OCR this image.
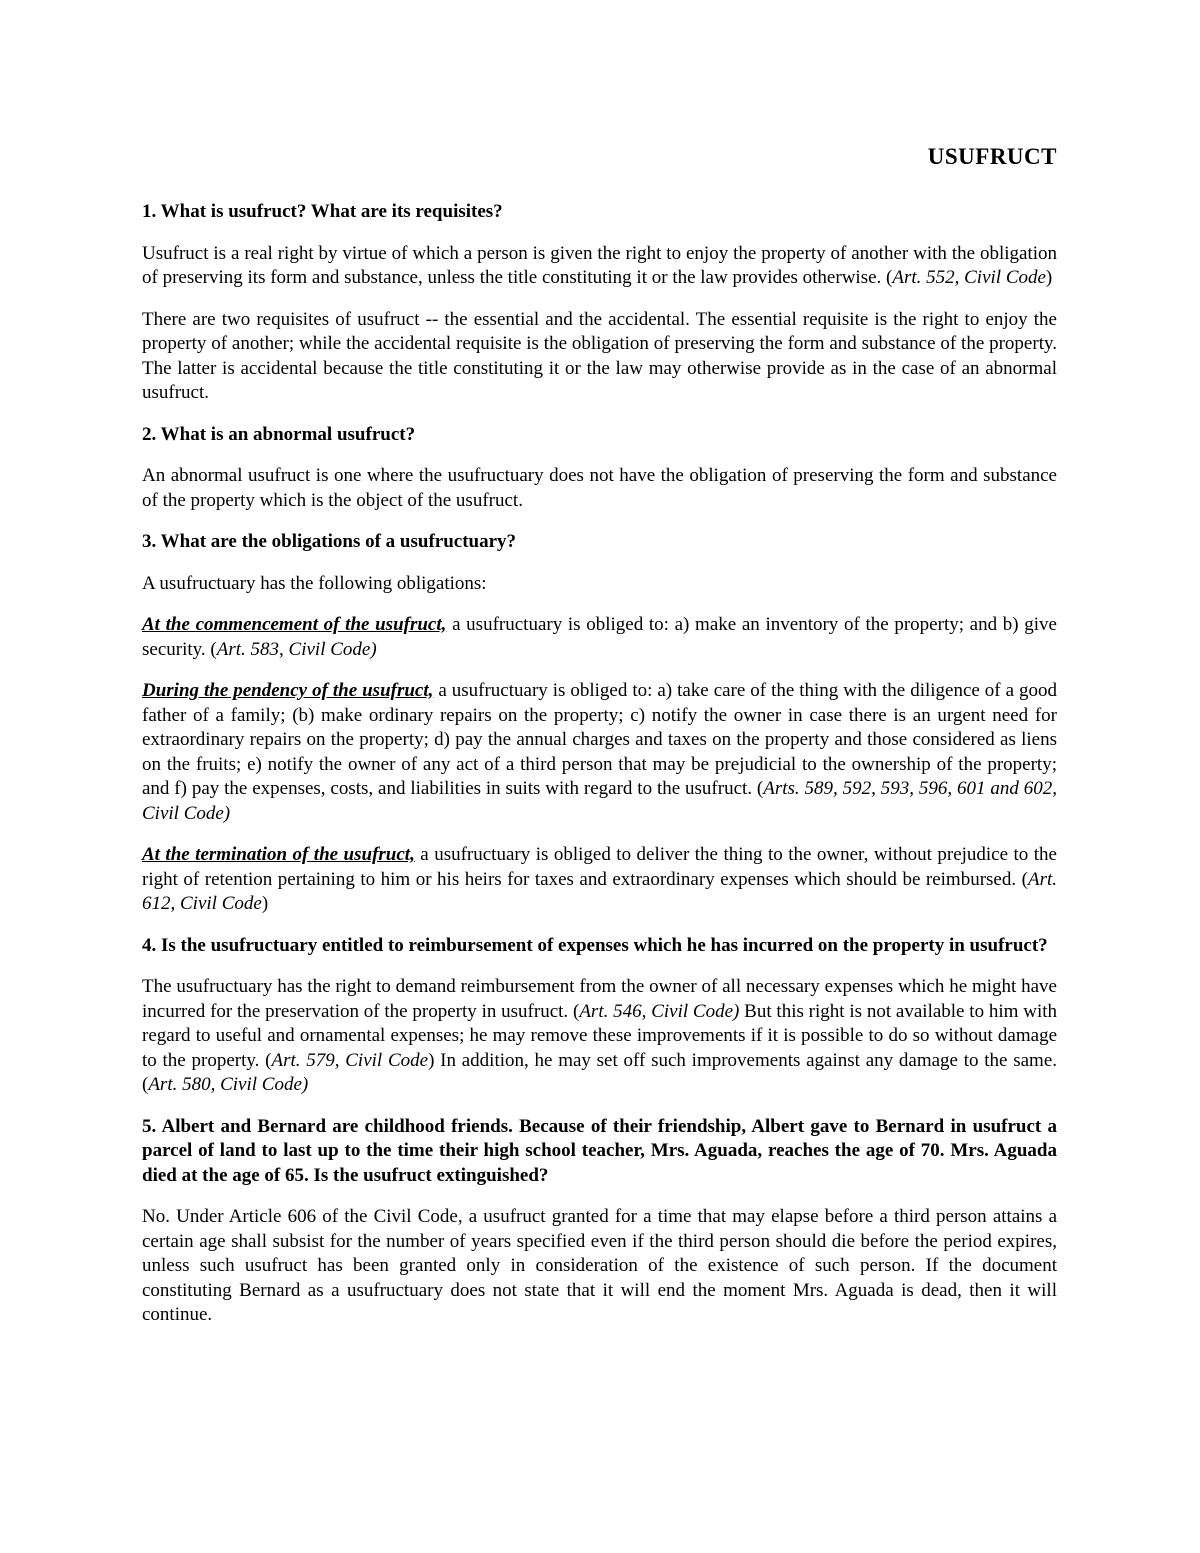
USUFRUCT

1. What is usufruct? What are its requisites?

Usufruct is a real right by virtue of which a person is given the right to enjoy the property of another with the obligation of preserving its form and substance, unless the title constituting it or the law provides otherwise. (Art. 552, Civil Code)

There are two requisites of usufruct -- the essential and the accidental. The essential requisite is the right to enjoy the property of another; while the accidental requisite is the obligation of preserving the form and substance of the property. The latter is accidental because the title constituting it or the law may otherwise provide as in the case of an abnormal usufruct.

2. What is an abnormal usufruct?

An abnormal usufruct is one where the usufructuary does not have the obligation of preserving the form and substance of the property which is the object of the usufruct.

3. What are the obligations of a usufructuary?

A usufructuary has the following obligations:

At the commencement of the usufruct, a usufructuary is obliged to: a) make an inventory of the property; and b) give security. (Art. 583, Civil Code)

During the pendency of the usufruct, a usufructuary is obliged to: a) take care of the thing with the diligence of a good father of a family; (b) make ordinary repairs on the property; c) notify the owner in case there is an urgent need for extraordinary repairs on the property; d) pay the annual charges and taxes on the property and those considered as liens on the fruits; e) notify the owner of any act of a third person that may be prejudicial to the ownership of the property; and f) pay the expenses, costs, and liabilities in suits with regard to the usufruct. (Arts. 589, 592, 593, 596, 601 and 602, Civil Code)

At the termination of the usufruct, a usufructuary is obliged to deliver the thing to the owner, without prejudice to the right of retention pertaining to him or his heirs for taxes and extraordinary expenses which should be reimbursed. (Art. 612, Civil Code)

4. Is the usufructuary entitled to reimbursement of expenses which he has incurred on the property in usufruct?

The usufructuary has the right to demand reimbursement from the owner of all necessary expenses which he might have incurred for the preservation of the property in usufruct. (Art. 546, Civil Code) But this right is not available to him with regard to useful and ornamental expenses; he may remove these improvements if it is possible to do so without damage to the property. (Art. 579, Civil Code) In addition, he may set off such improvements against any damage to the same. (Art. 580, Civil Code)

5. Albert and Bernard are childhood friends. Because of their friendship, Albert gave to Bernard in usufruct a parcel of land to last up to the time their high school teacher, Mrs. Aguada, reaches the age of 70. Mrs. Aguada died at the age of 65. Is the usufruct extinguished?

No. Under Article 606 of the Civil Code, a usufruct granted for a time that may elapse before a third person attains a certain age shall subsist for the number of years specified even if the third person should die before the period expires, unless such usufruct has been granted only in consideration of the existence of such person. If the document constituting Bernard as a usufructuary does not state that it will end the moment Mrs. Aguada is dead, then it will continue.
